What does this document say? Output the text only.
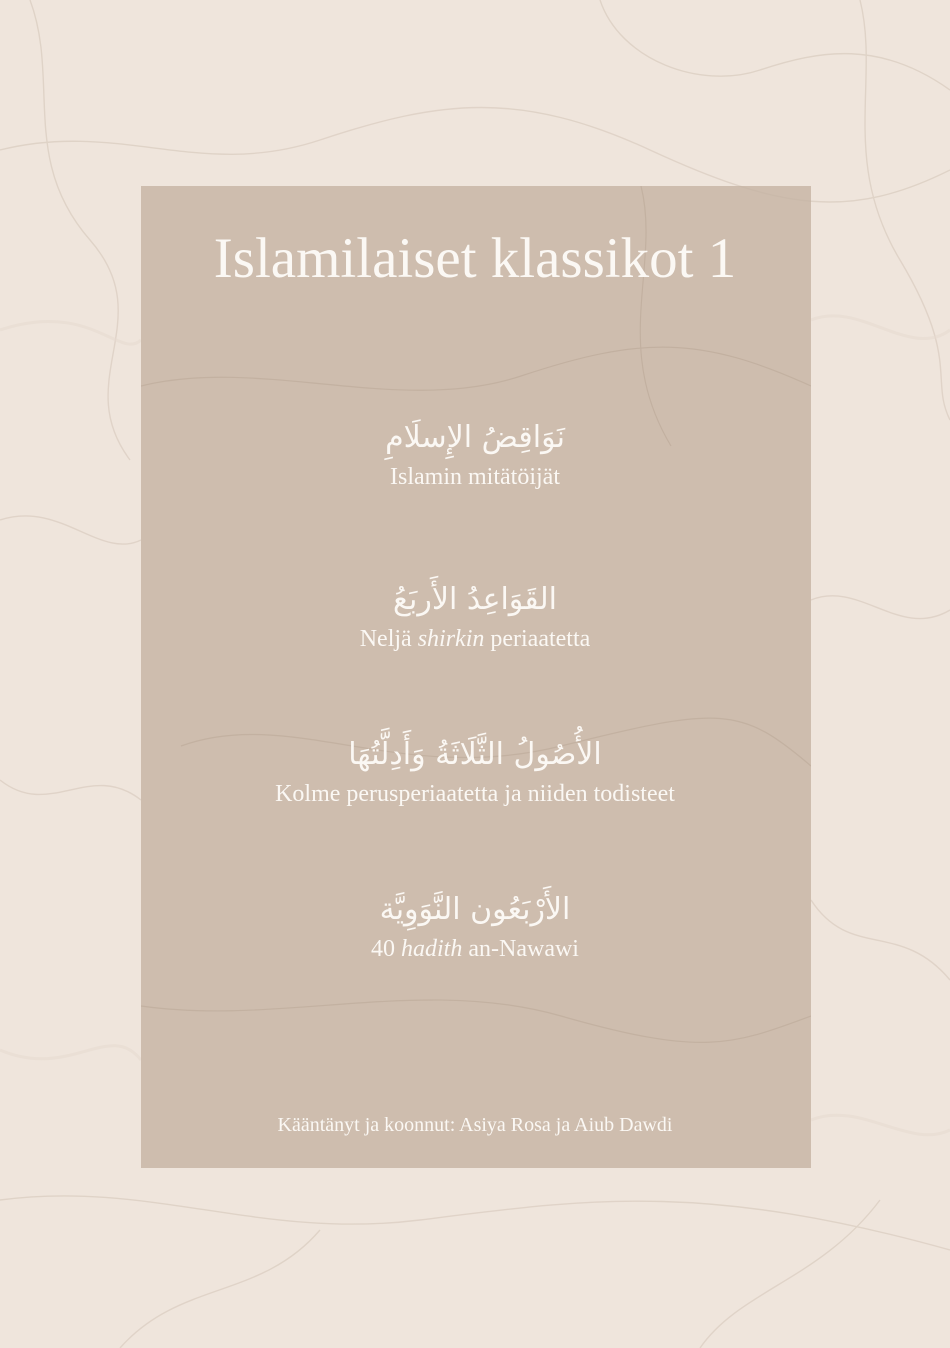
Islamilaiset klassikot 1
نَوَاقِضُ الإِسلَامِ
Islamin mitätöijät
القَوَاعِدُ الأَربَعُ
Neljä shirkin periaatetta
الأُصُولُ الثَّلَاثَةُ وَأَدِلَّتُهَا
Kolme perusperiaatetta ja niiden todisteet
الأَرْبَعُون النَّوَوِيَّة
40 hadith an-Nawawi
Kääntänyt ja koonnut: Asiya Rosa ja Aiub Dawdi
